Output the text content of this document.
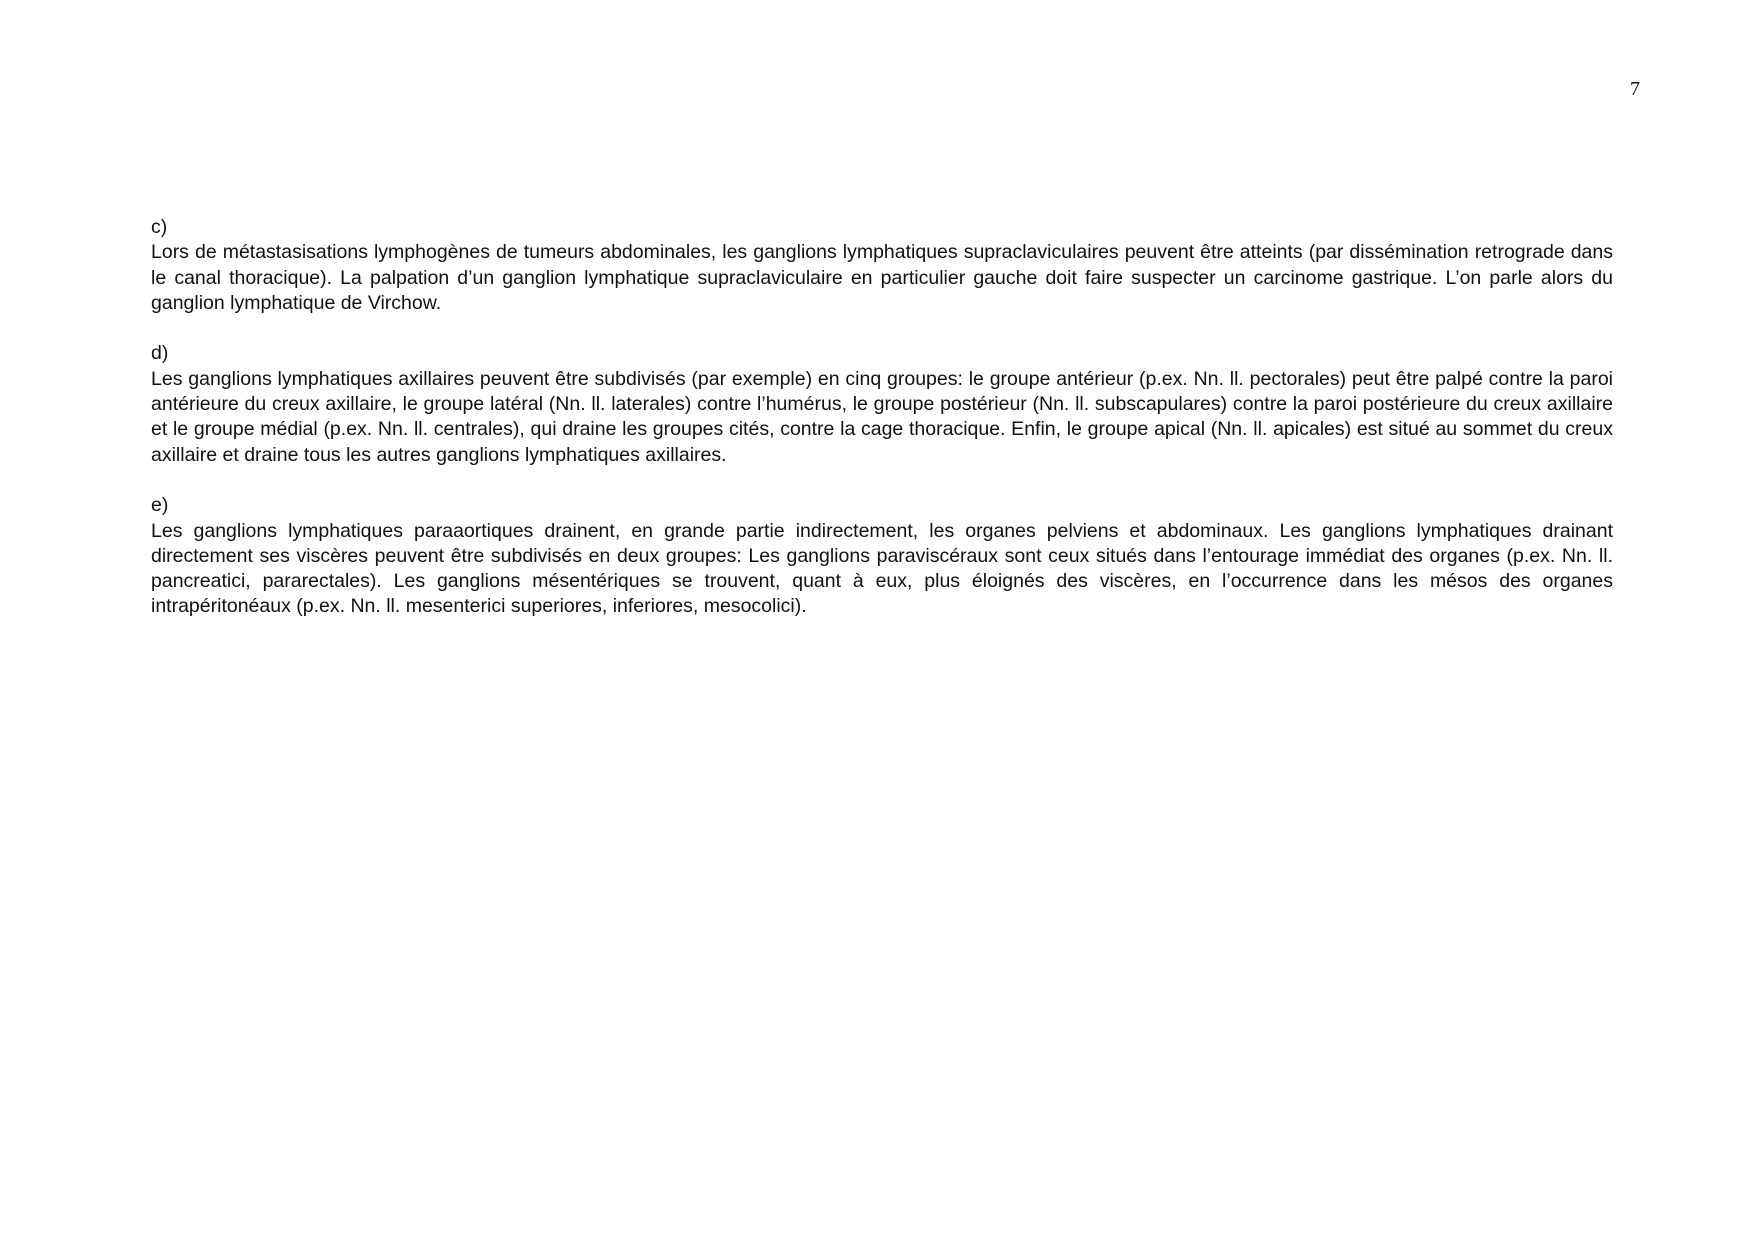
7
c)
Lors de métastasisations lymphogènes de tumeurs abdominales, les ganglions lymphatiques supraclaviculaires peuvent être atteints (par dissémination retrograde dans le canal thoracique). La palpation d’un ganglion lymphatique supraclaviculaire en particulier gauche doit faire suspecter un carcinome gastrique. L’on parle alors du ganglion lymphatique de Virchow.
d)
Les ganglions lymphatiques axillaires peuvent être subdivisés (par exemple) en cinq groupes: le groupe antérieur (p.ex. Nn. ll. pectorales) peut être palpé contre la paroi antérieure du creux axillaire, le groupe latéral (Nn. ll. laterales) contre l’humérus, le groupe postérieur (Nn. ll. subscapulares) contre la paroi postérieure du creux axillaire et le groupe médial (p.ex. Nn. ll. centrales), qui draine les groupes cités, contre la cage thoracique. Enfin, le groupe apical (Nn. ll. apicales) est situé au sommet du creux axillaire et draine tous les autres ganglions lymphatiques axillaires.
e)
Les ganglions lymphatiques paraaortiques drainent, en grande partie indirectement, les organes pelviens et abdominaux. Les ganglions lymphatiques drainant directement ses viscères peuvent être subdivisés en deux groupes: Les ganglions paraviscéraux sont ceux situés dans l’entourage immédiat des organes (p.ex. Nn. ll. pancreatici, pararectales). Les ganglions mésentériques se trouvent, quant à eux, plus éloignés des viscères, en l’occurrence dans les mésos des organes intrapéritonéaux (p.ex. Nn. ll. mesenterici superiores, inferiores, mesocolici).
